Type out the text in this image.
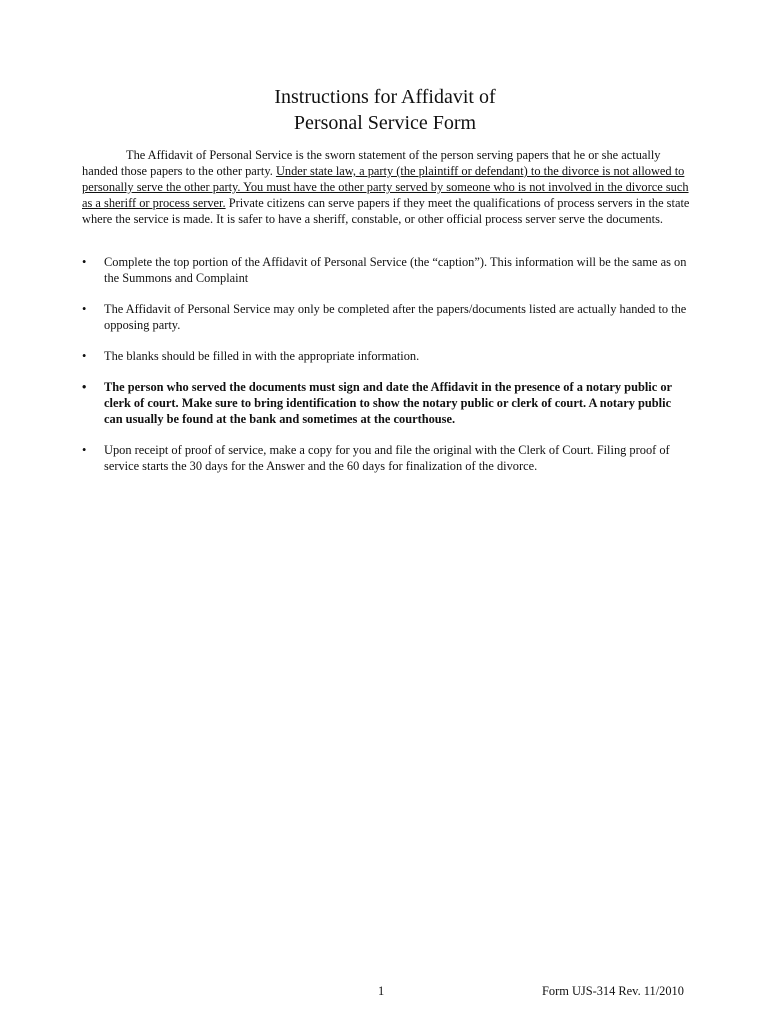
Instructions for Affidavit of
Personal Service Form

The Affidavit of Personal Service is the sworn statement of the person serving papers that he or she actually handed those papers to the other party. Under state law, a party (the plaintiff or defendant) to the divorce is not allowed to personally serve the other party. You must have the other party served by someone who is not involved in the divorce such as a sheriff or process server. Private citizens can serve papers if they meet the qualifications of process servers in the state where the service is made. It is safer to have a sheriff, constable, or other official process server serve the documents.

•	Complete the top portion of the Affidavit of Personal Service (the “caption”). This information will be the same as on the Summons and Complaint
•	The Affidavit of Personal Service may only be completed after the papers/documents listed are actually handed to the opposing party.
•	The blanks should be filled in with the appropriate information.
•	The person who served the documents must sign and date the Affidavit in the presence of a notary public or clerk of court. Make sure to bring identification to show the notary public or clerk of court. A notary public can usually be found at the bank and sometimes at the courthouse.
•	Upon receipt of proof of service, make a copy for you and file the original with the Clerk of Court. Filing proof of service starts the 30 days for the Answer and the 60 days for finalization of the divorce.
1	Form UJS-314 Rev. 11/2010
